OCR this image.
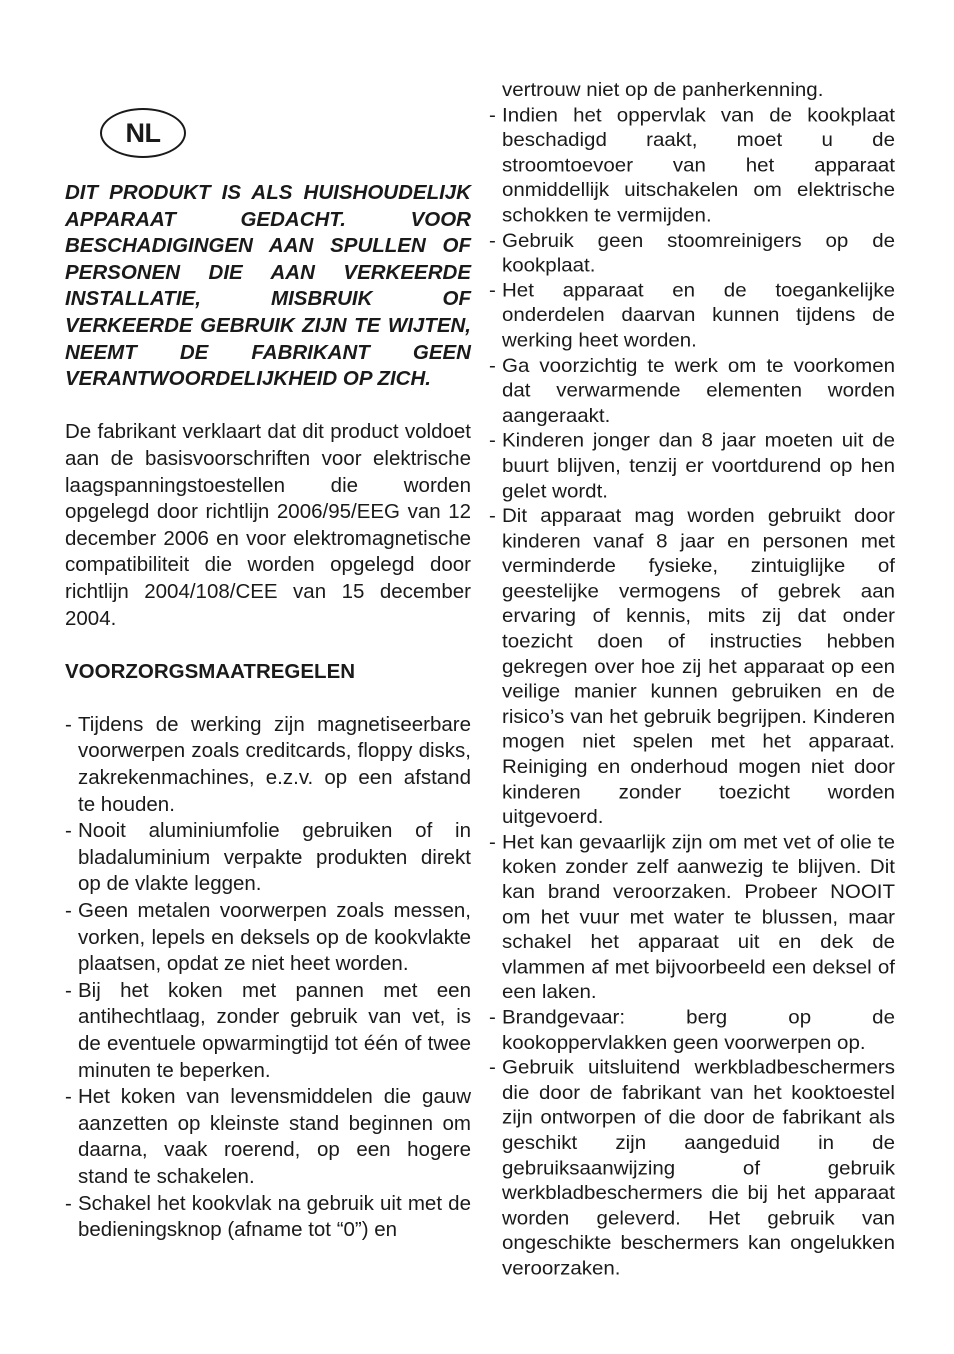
NL

DIT PRODUKT IS ALS HUISHOUDELIJK APPARAAT GEDACHT. VOOR BESCHADIGINGEN AAN SPULLEN OF PERSONEN DIE AAN VERKEERDE INSTALLATIE, MISBRUIK OF VERKEERDE GEBRUIK ZIJN TE WIJTEN, NEEMT DE FABRIKANT GEEN VERANTWOORDELIJKHEID OP ZICH.

De fabrikant verklaart dat dit product voldoet aan de basisvoorschriften voor elektrische laagspanningstoestellen die worden opgelegd door richtlijn 2006/95/EEG van 12 december 2006 en voor elektromagnetische compatibiliteit die worden opgelegd door richtlijn 2004/108/CEE van 15 december 2004.

VOORZORGSMAATREGELEN
- Tijdens de werking zijn magnetiseerbare voorwerpen zoals creditcards, floppy disks, zakrekenmachines, e.z.v. op een afstand te houden.
- Nooit aluminiumfolie gebruiken of in bladaluminium verpakte produkten direkt op de vlakte leggen.
- Geen metalen voorwerpen zoals messen, vorken, lepels en deksels op de kookvlakte plaatsen, opdat ze niet heet worden.
- Bij het koken met pannen met een antihechtlaag, zonder gebruik van vet, is de eventuele opwarmingtijd tot één of twee minuten te beperken.
- Het koken van levensmiddelen die gauw aanzetten op kleinste stand beginnen om daarna, vaak roerend, op een hogere stand te schakelen.
- Schakel het kookvlak na gebruik uit met de bedieningsknop (afname tot “0”) en
vertrouw niet op de panherkenning.
- Indien het oppervlak van de kookplaat beschadigd raakt, moet u de stroomtoevoer van het apparaat onmiddellijk uitschakelen om elektrische schokken te vermijden.
- Gebruik geen stoomreinigers op de kookplaat.
- Het apparaat en de toegankelijke onderdelen daarvan kunnen tijdens de werking heet worden.
- Ga voorzichtig te werk om te voorkomen dat verwarmende elementen worden aangeraakt.
- Kinderen jonger dan 8 jaar moeten uit de buurt blijven, tenzij er voortdurend op hen gelet wordt.
- Dit apparaat mag worden gebruikt door kinderen vanaf 8 jaar en personen met verminderde fysieke, zintuiglijke of geestelijke vermogens of gebrek aan ervaring of kennis, mits zij dat onder toezicht doen of instructies hebben gekregen over hoe zij het apparaat op een veilige manier kunnen gebruiken en de risico’s van het gebruik begrijpen. Kinderen mogen niet spelen met het apparaat. Reiniging en onderhoud mogen niet door kinderen zonder toezicht worden uitgevoerd.
- Het kan gevaarlijk zijn om met vet of olie te koken zonder zelf aanwezig te blijven. Dit kan brand veroorzaken. Probeer NOOIT om het vuur met water te blussen, maar schakel het apparaat uit en dek de vlammen af met bijvoorbeeld een deksel of een laken.
- Brandgevaar: berg op de kookoppervlakken geen voorwerpen op.
- Gebruik uitsluitend werkbladbeschermers die door de fabrikant van het kooktoestel zijn ontworpen of die door de fabrikant als geschikt zijn aangeduid in de gebruiksaanwijzing of gebruik werkbladbeschermers die bij het apparaat worden geleverd. Het gebruik van ongeschikte beschermers kan ongelukken veroorzaken.
